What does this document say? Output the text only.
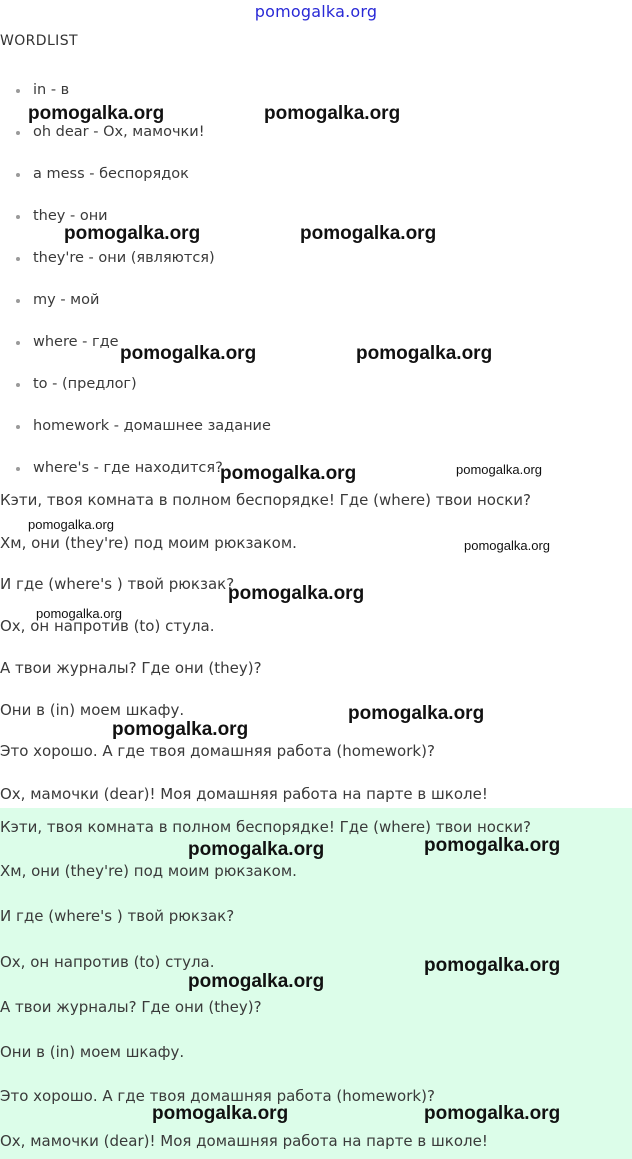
pomogalka.org
WORDLIST
in - в
oh dear - Ох, мамочки!
a mess - беспорядок
they - они
they're - они (являются)
my - мой
where - где
to - (предлог)
homework - домашнее задание
where's - где находится?
Кэти, твоя комната в полном беспорядке! Где (where) твои носки?
Хм, они (they're) под моим рюкзаком.
И где (where's ) твой рюкзак?
Ох, он напротив (to) стула.
А твои журналы? Где они (they)?
Они в (in) моем шкафу.
Это хорошо. А где твоя домашняя работа (homework)?
Ох, мамочки (dear)! Моя домашняя работа на парте в школе!
Кэти, твоя комната в полном беспорядке! Где (where) твои носки?
Хм, они (they're) под моим рюкзаком.
И где (where's ) твой рюкзак?
Ох, он напротив (to) стула.
А твои журналы? Где они (they)?
Они в (in) моем шкафу.
Это хорошо. А где твоя домашняя работа (homework)?
Ох, мамочки (dear)! Моя домашняя работа на парте в школе!
pomogalka.org	pomogalka.org
pomogalka.org	pomogalka.org
pomogalka.org	pomogalka.org
pomogalka.org	pomogalka.org
pomogalka.org
pomogalka.org
pomogalka.org
pomogalka.org
pomogalka.org
pomogalka.org
pomogalka.org	pomogalka.org
pomogalka.org
pomogalka.org
pomogalka.org	pomogalka.org
